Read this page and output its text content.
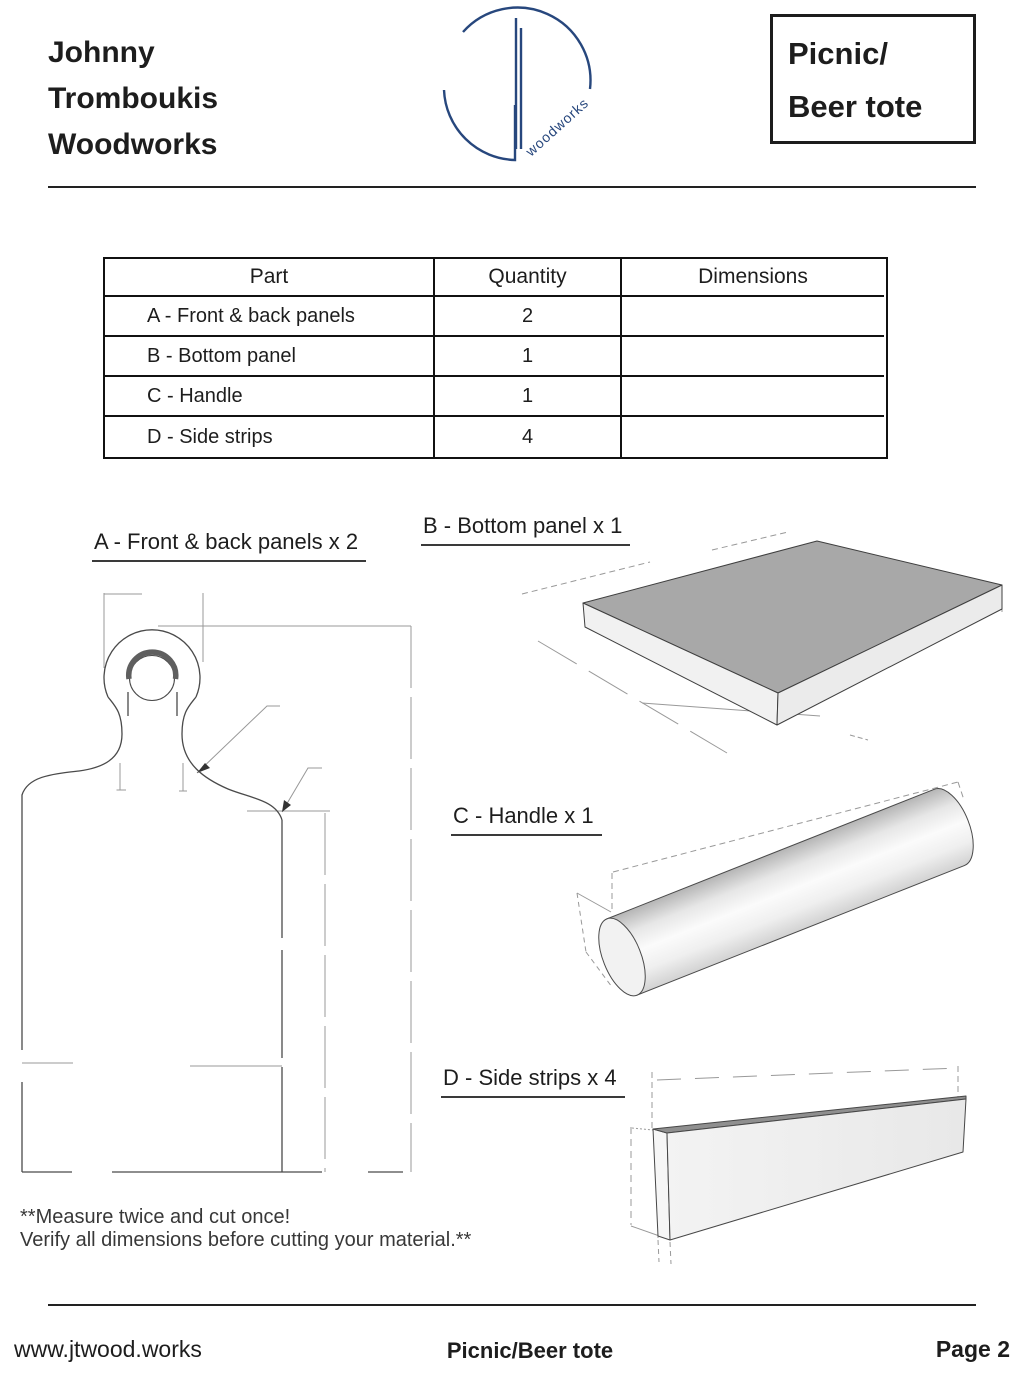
Johnny
Tromboukis
Woodworks	woodworks
Picnic/
Beer tote
Part	Quantity	Dimensions
A - Front & back panels	2
B - Bottom panel	1
C - Handle	1
D - Side strips	4
A - Front & back panels x 2
B - Bottom panel x 1
C - Handle x 1
D - Side strips x 4
**Measure twice and cut once!
Verify all dimensions before cutting your material.**
www.jtwood.works	Picnic/Beer tote	Page 2
